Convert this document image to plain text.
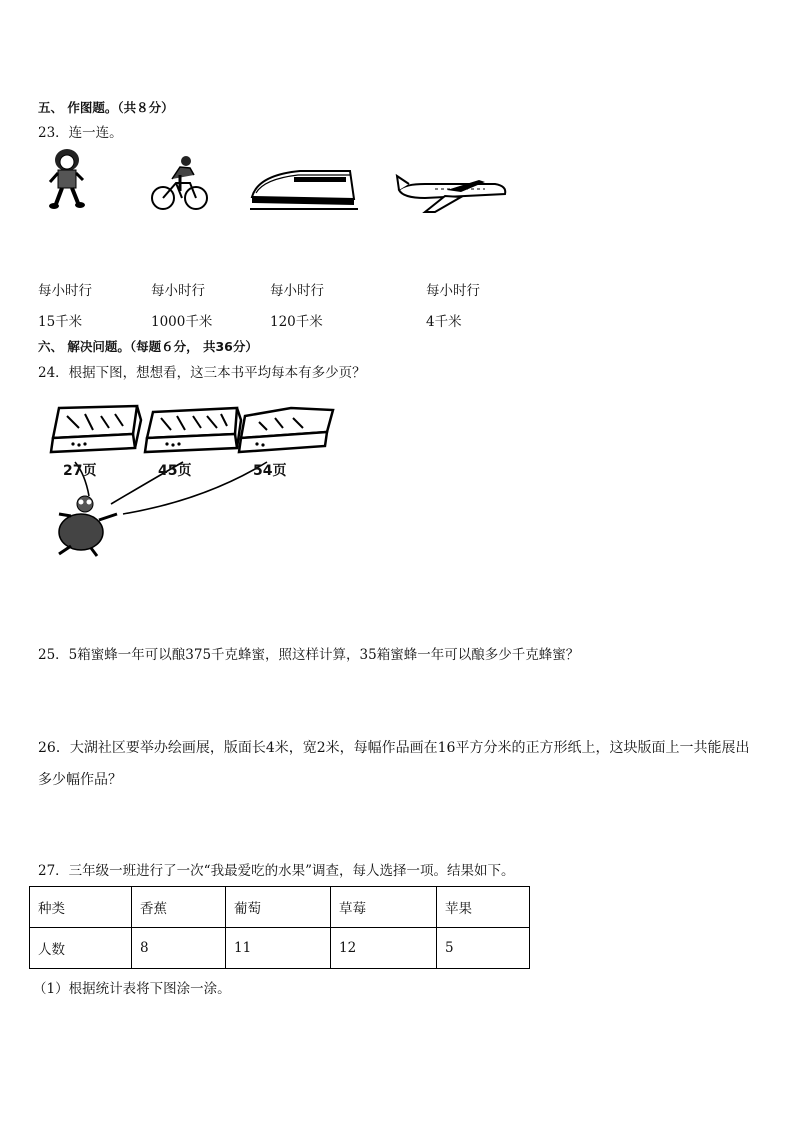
五、 作图题。（共８分）
23．连一连。
每小时行	每小时行	每小时行	每小时行
15千米	1000千米	120千米	4千米
六、 解决问题。（每题６分， 共36分）
24．根据下图，想想看，这三本书平均每本有多少页？
27页	45页	54页
25．5箱蜜蜂一年可以酿375千克蜂蜜，照这样计算，35箱蜜蜂一年可以酿多少千克蜂蜜？
26．大湖社区要举办绘画展，版面长4米，宽2米，每幅作品画在16平方分米的正方形纸上，这块版面上一共能展出多少幅作品？
27．三年级一班进行了一次“我最爱吃的水果”调查，每人选择一项。结果如下。
种类	香蕉	葡萄	草莓	苹果
人数	8	11	12	5
（1）根据统计表将下图涂一涂。
